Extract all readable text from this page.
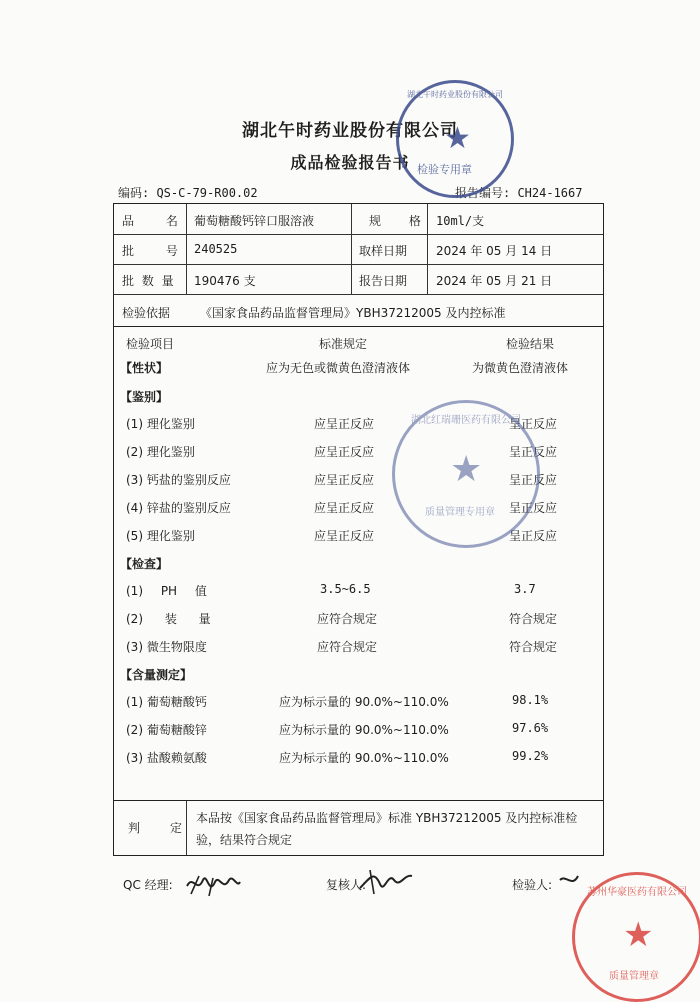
湖北午时药业股份有限公司
成品检验报告书
编码: QS-C-79-R00.02	报告编号: CH24-1667
品 名 葡萄糖酸钙锌口服溶液	规 格 10ml/支
批 号 240525	取样日期 2024 年 05 月 14 日
批 数 量 190476 支	报告日期 2024 年 05 月 21 日
检验依据 《国家食品药品监督管理局》YBH37212005 及内控标准
检验项目	标准规定	检验结果
【性状】	应为无色或微黄色澄清液体	为微黄色澄清液体
【鉴别】
(1) 理化鉴别	应呈正反应	呈正反应
(2) 理化鉴别	应呈正反应	呈正反应
(3) 钙盐的鉴别反应	应呈正反应	呈正反应
(4) 锌盐的鉴别反应	应呈正反应	呈正反应
(5) 理化鉴别	应呈正反应	呈正反应
【检查】
(1) PH 值	3.5~6.5	3.7
(2) 装 量	应符合规定	符合规定
(3) 微生物限度	应符合规定	符合规定
【含量测定】
(1) 葡萄糖酸钙	应为标示量的 90.0%~110.0%	98.1%
(2) 葡萄糖酸锌	应为标示量的 90.0%~110.0%	97.6%
(3) 盐酸赖氨酸	应为标示量的 90.0%~110.0%	99.2%
判定
本品按《国家食品药品监督管理局》标准 YBH37212005 及内控标准检验，结果符合规定
QC 经理:	复核人:	检验人:
★
检验专用章
湖北午时药业股份有限公司
★
湖北红瑞珊医药有限公司
质量管理专用章
★
苏州华豪医药有限公司
质量管理章
